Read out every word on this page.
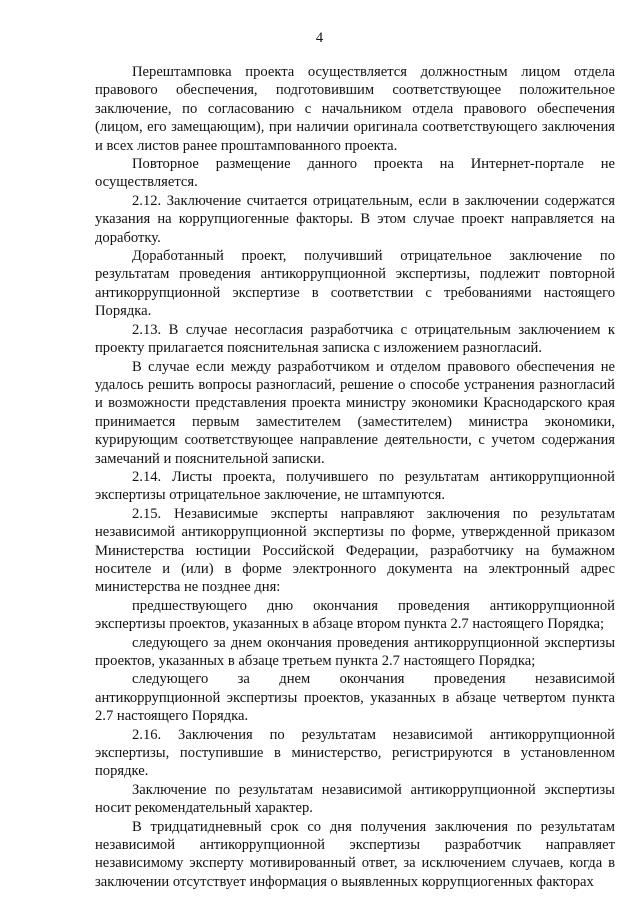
4

Перештамповка проекта осуществляется должностным лицом отдела правового обеспечения, подготовившим соответствующее положительное заключение, по согласованию с начальником отдела правового обеспечения (лицом, его замещающим), при наличии оригинала соответствующего заключения и всех листов ранее проштампованного проекта.

Повторное размещение данного проекта на Интернет-портале не осуществляется.

2.12. Заключение считается отрицательным, если в заключении содержатся указания на коррупциогенные факторы. В этом случае проект направляется на доработку.

Доработанный проект, получивший отрицательное заключение по результатам проведения антикоррупционной экспертизы, подлежит повторной антикоррупционной экспертизе в соответствии с требованиями настоящего Порядка.

2.13. В случае несогласия разработчика с отрицательным заключением к проекту прилагается пояснительная записка с изложением разногласий.

В случае если между разработчиком и отделом правового обеспечения не удалось решить вопросы разногласий, решение о способе устранения разногласий и возможности представления проекта министру экономики Краснодарского края принимается первым заместителем (заместителем) министра экономики, курирующим соответствующее направление деятельности, с учетом содержания замечаний и пояснительной записки.

2.14. Листы проекта, получившего по результатам антикоррупционной экспертизы отрицательное заключение, не штампуются.

2.15. Независимые эксперты направляют заключения по результатам независимой антикоррупционной экспертизы по форме, утвержденной приказом Министерства юстиции Российской Федерации, разработчику на бумажном носителе и (или) в форме электронного документа на электронный адрес министерства не позднее дня:

предшествующего дню окончания проведения антикоррупционной экспертизы проектов, указанных в абзаце втором пункта 2.7 настоящего Порядка;

следующего за днем окончания проведения антикоррупционной экспертизы проектов, указанных в абзаце третьем пункта 2.7 настоящего Порядка;

следующего за днем окончания проведения независимой антикоррупционной экспертизы проектов, указанных в абзаце четвертом пункта 2.7 настоящего Порядка.

2.16. Заключения по результатам независимой антикоррупционной экспертизы, поступившие в министерство, регистрируются в установленном порядке.

Заключение по результатам независимой антикоррупционной экспертизы носит рекомендательный характер.

В тридцатидневный срок со дня получения заключения по результатам независимой антикоррупционной экспертизы разработчик направляет независимому эксперту мотивированный ответ, за исключением случаев, когда в заключении отсутствует информация о выявленных коррупциогенных факторах
